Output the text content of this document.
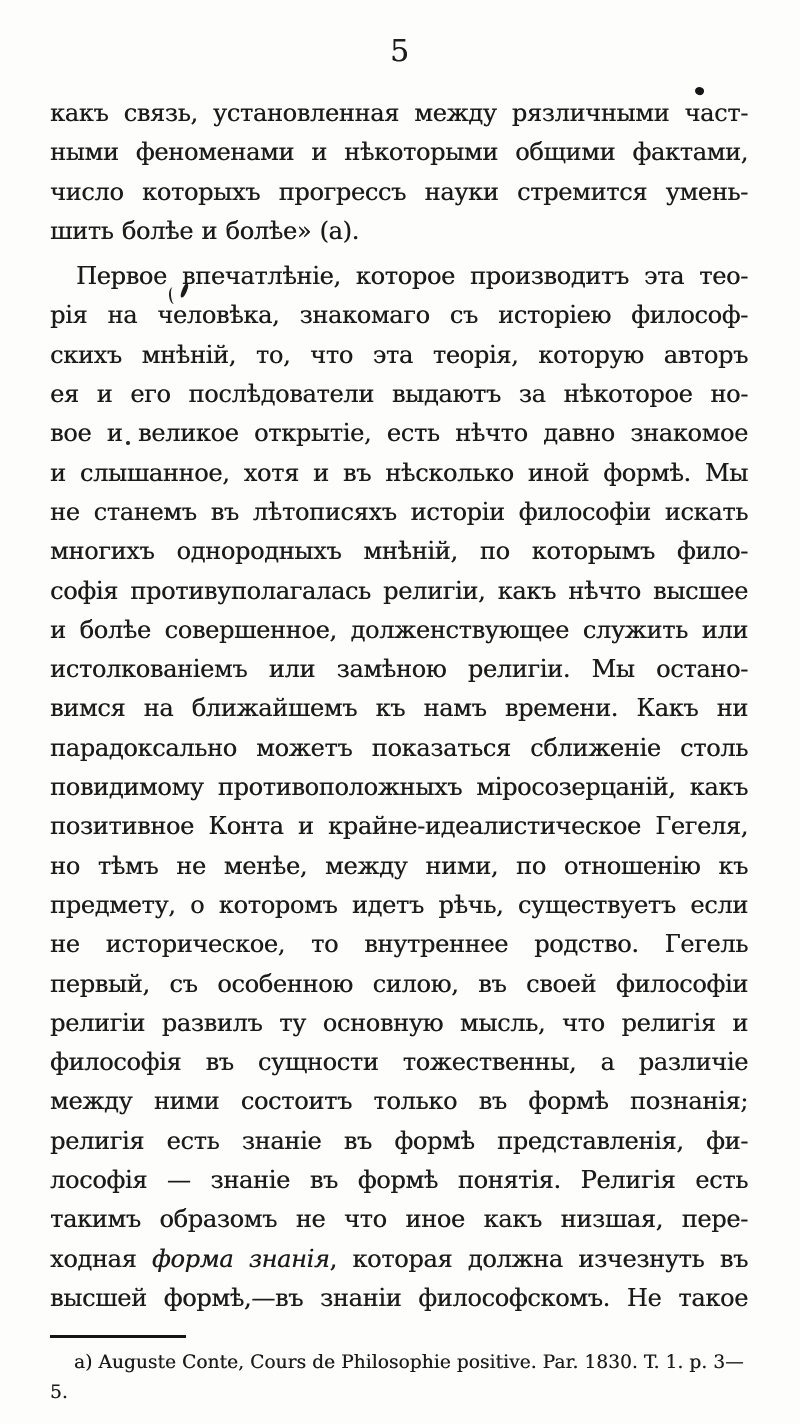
5
какъ связь, установленная между рязличными част-
ными феноменами и нѣкоторыми общими фактами,
число которыхъ прогрессъ науки стремится умень-
шить болѣе и болѣе» (а).
Первое впечатлѣніе, которое производитъ эта тео-
рія на человѣка, знакомаго съ исторіею философ-
скихъ мнѣній, то, что эта теорія, которую авторъ
ея и его послѣдователи выдаютъ за нѣкоторое но-
вое и великое открытіе, есть нѣчто давно знакомое
и слышанное, хотя и въ нѣсколько иной формѣ. Мы
не станемъ въ лѣтописяхъ исторіи философіи искать
многихъ однородныхъ мнѣній, по которымъ фило-
софія противуполагалась религіи, какъ нѣчто высшее
и болѣе совершенное, долженствующее служить или
истолкованіемъ или замѣною религіи. Мы остано-
вимся на ближайшемъ къ намъ времени. Какъ ни
парадоксально можетъ показаться сближеніе столь
повидимому противоположныхъ міросозерцаній, какъ
позитивное Конта и крайне-идеалистическое Гегеля,
но тѣмъ не менѣе, между ними, по отношенію къ
предмету, о которомъ идетъ рѣчь, существуетъ если
не историческое, то внутреннее родство. Гегель
первый, съ особенною силою, въ своей философіи
религіи развилъ ту основную мысль, что религія и
философія въ сущности тожественны, а различіе
между ними состоитъ только въ формѣ познанія;
религія есть знаніе въ формѣ представленія, фи-
лософія — знаніе въ формѣ понятія. Религія есть
такимъ образомъ не что иное какъ низшая, пере-
ходная форма знанія, которая должна изчезнуть въ
высшей формѣ,—въ знаніи философскомъ. Не такое
а) Auguste Conte, Cours de Philosophie positive. Par. 1830. T. 1. p. 3—5.
